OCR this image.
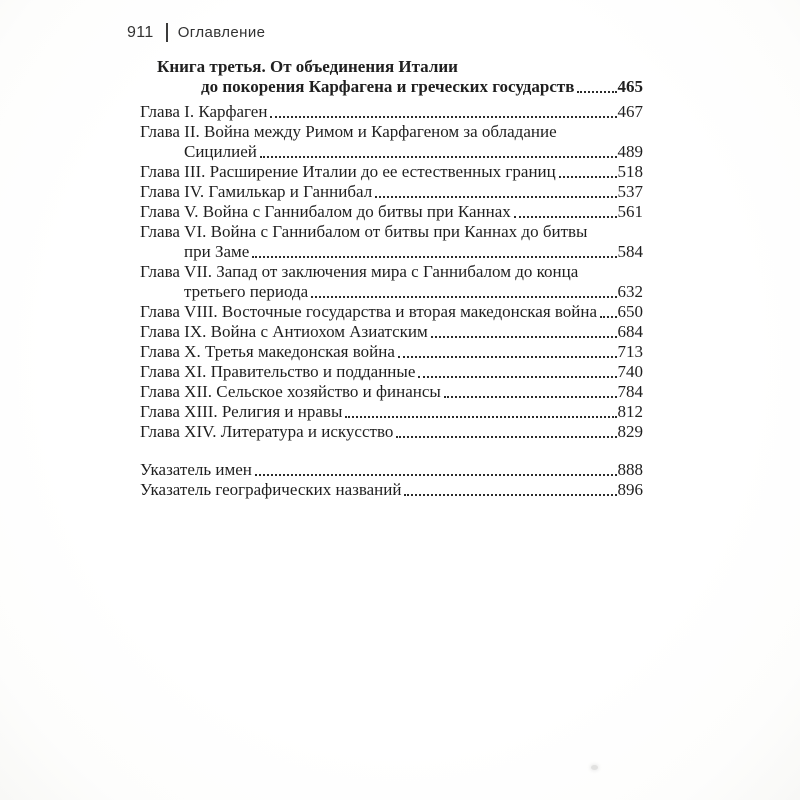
911 Оглавление
Книга третья. От объединения Италии
до покорения Карфагена и греческих государств	465
Глава I. Карфаген	467
Глава II. Война между Римом и Карфагеном за обладание
Сицилией	489
Глава III. Расширение Италии до ее естественных границ	518
Глава IV. Гамилькар и Ганнибал	537
Глава V. Война с Ганнибалом до битвы при Каннах	561
Глава VI. Война с Ганнибалом от битвы при Каннах до битвы
при Заме	584
Глава VII. Запад от заключения мира с Ганнибалом до конца
третьего периода	632
Глава VIII. Восточные государства и вторая македонская война 650
Глава IX. Война с Антиохом Азиатским	684
Глава X. Третья македонская война	713
Глава XI. Правительство и подданные	740
Глава XII. Сельское хозяйство и финансы	784
Глава XIII. Религия и нравы	812
Глава XIV. Литература и искусство	829
Указатель имен	888
Указатель географических названий	896
